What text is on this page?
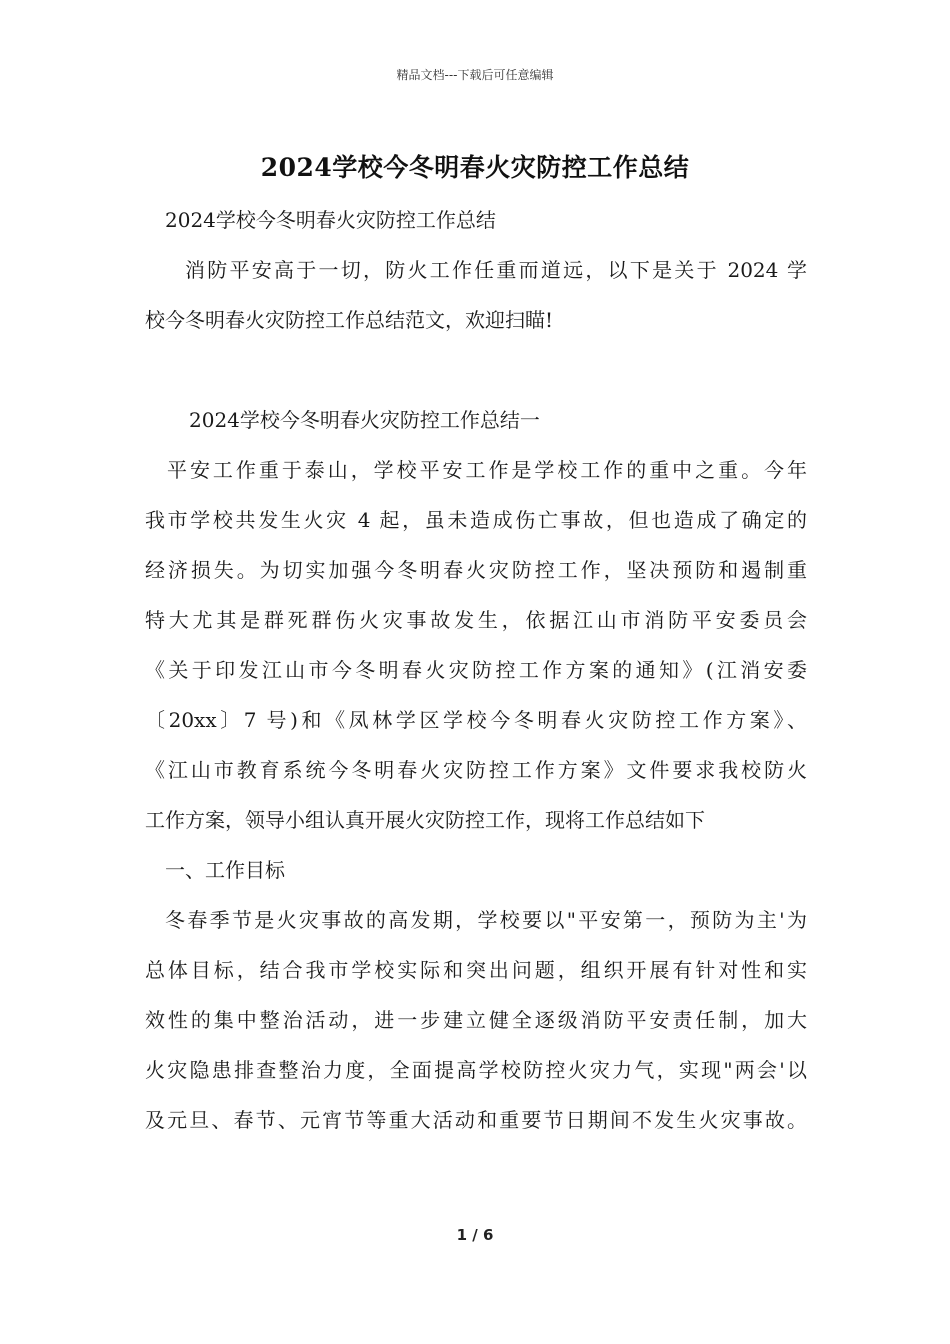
精品文档---下载后可任意编辑
2024学校今冬明春火灾防控工作总结
2024学校今冬明春火灾防控工作总结
消防平安高于一切，防火工作任重而道远，以下是关于 2024 学
校今冬明春火灾防控工作总结范文，欢迎扫瞄!
2024学校今冬明春火灾防控工作总结一
平安工作重于泰山，学校平安工作是学校工作的重中之重。今年
我市学校共发生火灾 4 起，虽未造成伤亡事故，但也造成了确定的
经济损失。为切实加强今冬明春火灾防控工作，坚决预防和遏制重
特大尤其是群死群伤火灾事故发生，依据江山市消防平安委员会
《关于印发江山市今冬明春火灾防控工作方案的通知》(江消安委
〔20xx〕7 号)和《凤林学区学校今冬明春火灾防控工作方案》、
《江山市教育系统今冬明春火灾防控工作方案》文件要求我校防火
工作方案，领导小组认真开展火灾防控工作，现将工作总结如下
一、工作目标
冬春季节是火灾事故的高发期，学校要以"平安第一，预防为主'为
总体目标，结合我市学校实际和突出问题，组织开展有针对性和实
效性的集中整治活动，进一步建立健全逐级消防平安责任制，加大
火灾隐患排查整治力度，全面提高学校防控火灾力气，实现"两会'以
及元旦、春节、元宵节等重大活动和重要节日期间不发生火灾事故。
1 / 6
